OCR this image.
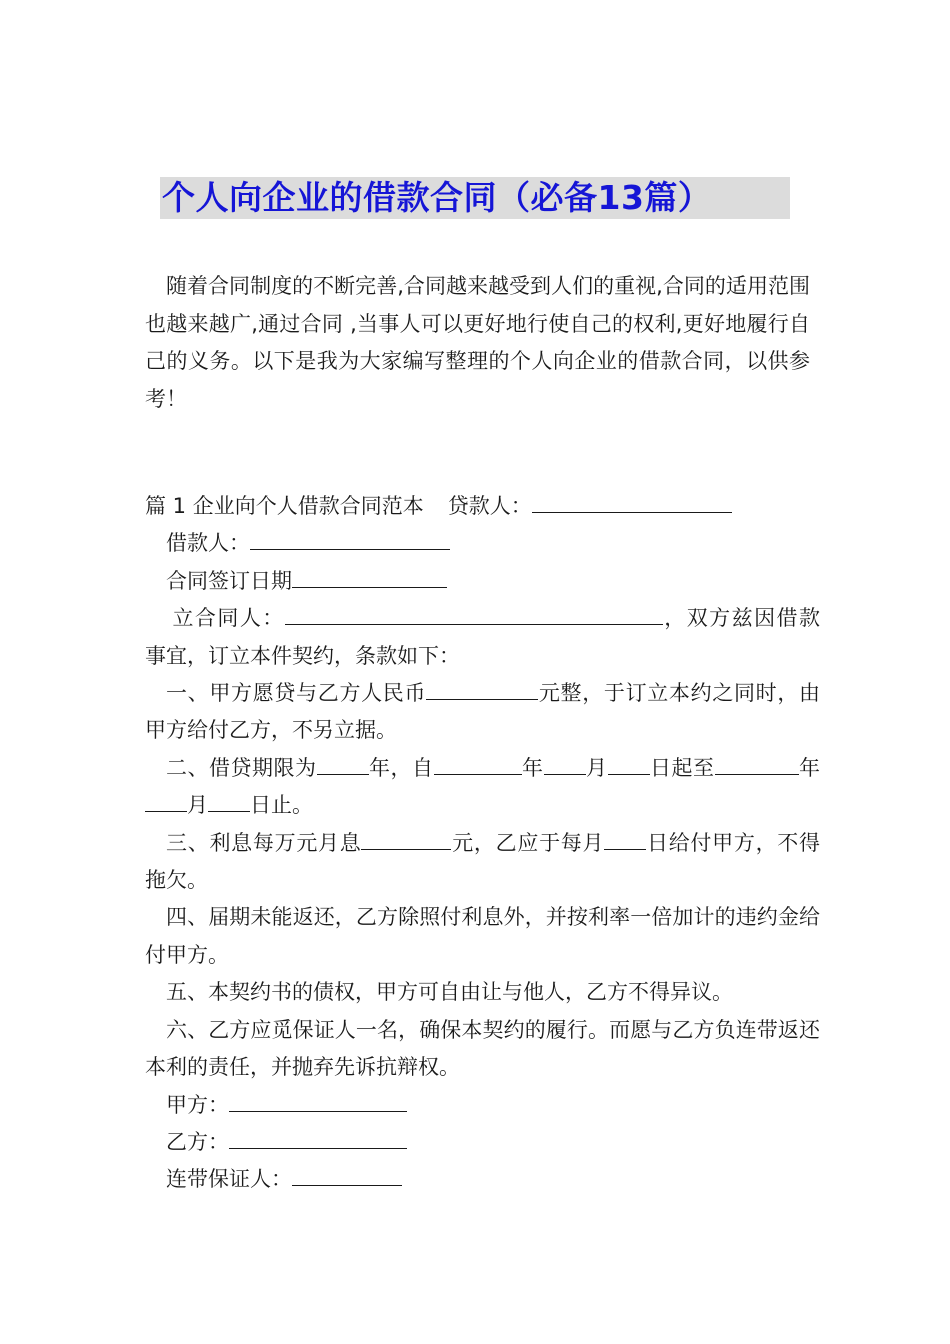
个人向企业的借款合同（必备13篇）
随着合同制度的不断完善,合同越来越受到人们的重视,合同的适用范围也越来越广,通过合同 ,当事人可以更好地行使自己的权利,更好地履行自己的义务。以下是我为大家编写整理的个人向企业的借款合同，以供参考！

篇 1 企业向个人借款合同范本 贷款人：

借款人：

合同签订日期

立合同人：	，双方兹因借款事宜，订立本件契约，条款如下：

一、甲方愿贷与乙方人民币	元整，于订立本约之同时，由甲方给付乙方，不另立据。

二、借贷期限为 年，自	年 月 日起至	年月 日止。

三、利息每万元月息	元，乙应于每月 日给付甲方，不得拖欠。

四、届期未能返还，乙方除照付利息外，并按利率一倍加计的违约金给付甲方。

五、本契约书的债权，甲方可自由让与他人，乙方不得异议。

六、乙方应觅保证人一名，确保本契约的履行。而愿与乙方负连带返还本利的责任，并抛弃先诉抗辩权。

甲方：

乙方：

连带保证人：
